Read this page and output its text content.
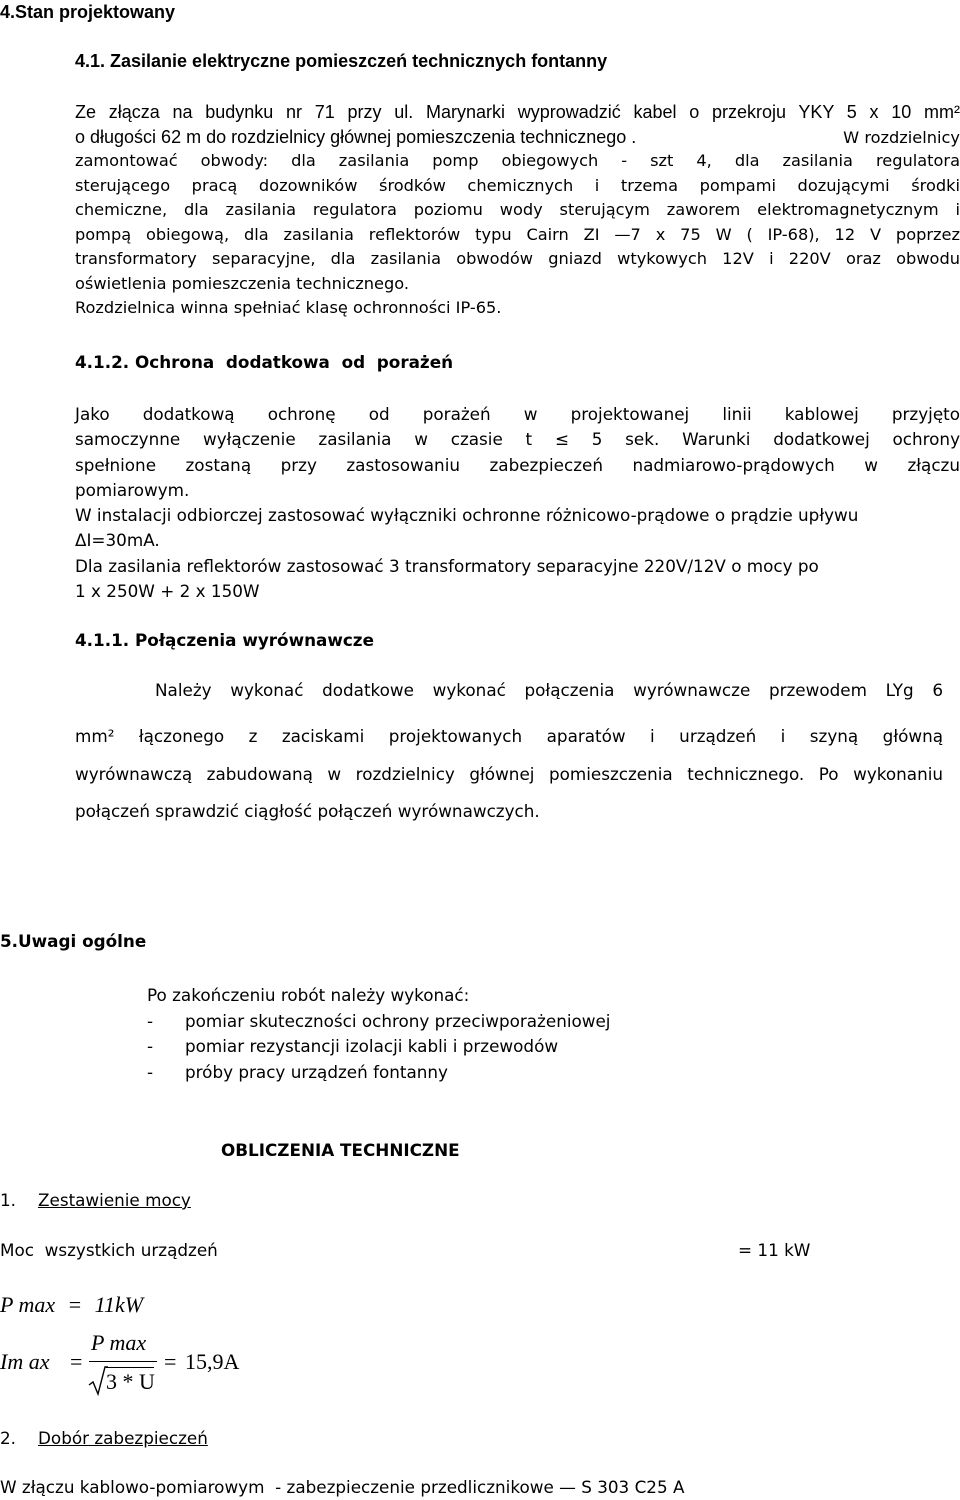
4.Stan projektowany
4.1. Zasilanie elektryczne pomieszczeń technicznych fontanny
Ze złącza na budynku nr 71 przy ul. Marynarki wyprowadzić kabel o przekroju YKY 5 x 10 mm²
o długości 62 m do rozdzielnicy głównej pomieszczenia technicznego .	W rozdzielnicy
zamontować obwody: dla zasilania pomp obiegowych - szt 4, dla zasilania regulatora
sterującego pracą dozowników środków chemicznych i trzema pompami dozującymi środki
chemiczne, dla zasilania regulatora poziomu wody sterującym zaworem elektromagnetycznym i
pompą obiegową, dla zasilania reflektorów typu Cairn ZI —7 x 75 W ( IP-68), 12 V poprzez
transformatory separacyjne, dla zasilania obwodów gniazd wtykowych 12V i 220V oraz obwodu
oświetlenia pomieszczenia technicznego.
Rozdzielnica winna spełniać klasę ochronności IP-65.
4.1.2. Ochrona  dodatkowa  od  porażeń
Jako dodatkową ochronę od porażeń w projektowanej linii kablowej przyjęto
samoczynne wyłączenie zasilania w czasie t ≤ 5 sek. Warunki dodatkowej ochrony
spełnione zostaną przy zastosowaniu zabezpieczeń nadmiarowo-prądowych w złączu
pomiarowym.
W instalacji odbiorczej zastosować wyłączniki ochronne różnicowo-prądowe o prądzie upływu
ΔI=30mA.
Dla zasilania reflektorów zastosować 3 transformatory separacyjne 220V/12V o mocy po
1 x 250W + 2 x 150W
4.1.1. Połączenia wyrównawcze
Należy wykonać dodatkowe wykonać połączenia wyrównawcze przewodem LYg 6
mm² łączonego z zaciskami projektowanych aparatów i urządzeń i szyną główną
wyrównawczą zabudowaną w rozdzielnicy głównej pomieszczenia technicznego. Po wykonaniu
połączeń sprawdzić ciągłość połączeń wyrównawczych.
5.Uwagi ogólne
Po zakończeniu robót należy wykonać:
- pomiar skuteczności ochrony przeciwporażeniowej
- pomiar rezystancji izolacji kabli i przewodów
- próby pracy urządzeń fontanny
OBLICZENIA TECHNICZNE
1. Zestawienie mocy
Moc  wszystkich urządzeń	= 11 kW
P max = 11kW
Im ax =
P max
3 * U
= 15,9A
2. Dobór zabezpieczeń
W złączu kablowo-pomiarowym  - zabezpieczenie przedlicznikowe — S 303 C25 A
